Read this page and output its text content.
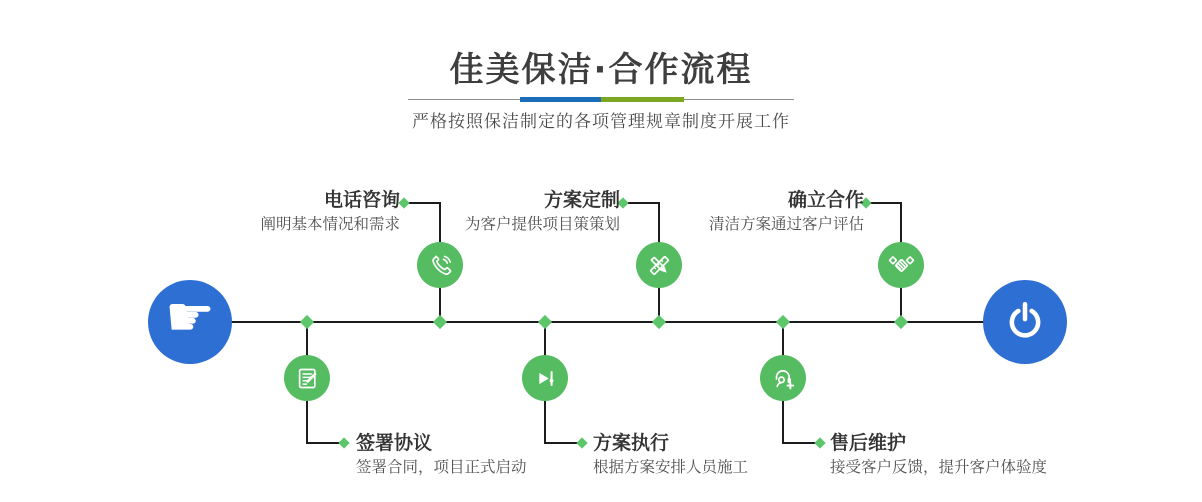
佳美保洁·合作流程

严格按照保洁制定的各项管理规章制度开展工作

☛

电话咨询

阐明基本情况和需求

方案定制

为客户提供项目策策划

确立合作

清洁方案通过客户评估

签署协议

签署合同，项目正式启动

方案执行

根据方案安排人员施工

售后维护

接受客户反馈，提升客户体验度
